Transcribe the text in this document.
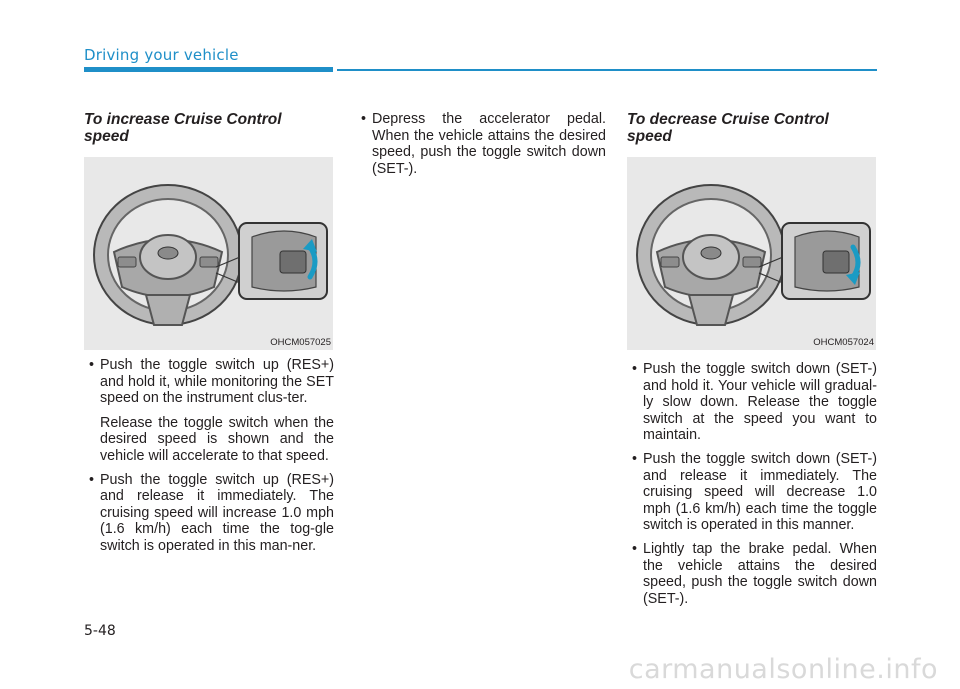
Driving your vehicle
To increase Cruise Control speed
OHCM057025
• Push the toggle switch up (RES+) and hold it, while monitoring the SET speed on the instrument clus-ter.

Release the toggle switch when the desired speed is shown and the vehicle will accelerate to that speed.

• Push the toggle switch up (RES+) and release it immediately. The cruising speed will increase 1.0 mph (1.6 km/h) each time the tog-gle switch is operated in this man-ner.
• Depress the accelerator pedal. When the vehicle attains the desired speed, push the toggle switch down (SET-).
To decrease Cruise Control speed
OHCM057024
• Push the toggle switch down (SET-) and hold it. Your vehicle will gradual-ly slow down. Release the toggle switch at the speed you want to maintain.
• Push the toggle switch down (SET-) and release it immediately. The cruising speed will decrease 1.0 mph (1.6 km/h) each time the toggle switch is operated in this manner.
• Lightly tap the brake pedal. When the vehicle attains the desired speed, push the toggle switch down (SET-).
5-48
carmanualsonline.info
